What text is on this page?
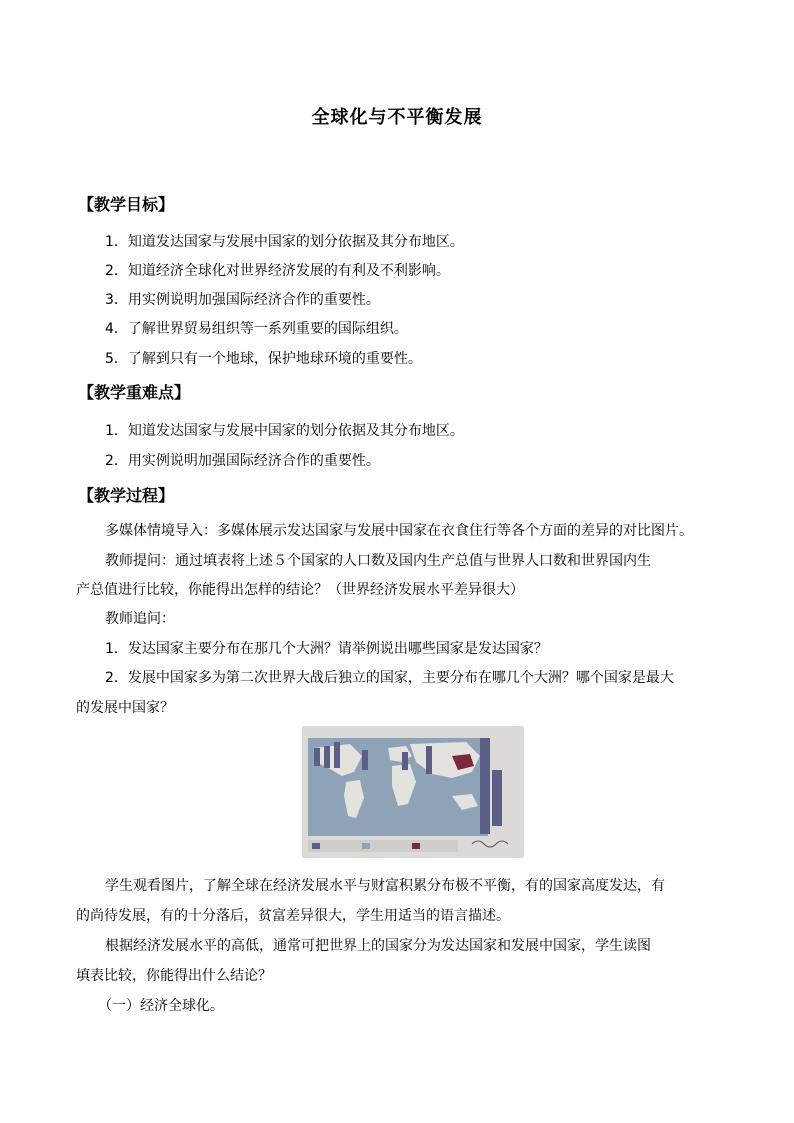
全球化与不平衡发展
【教学目标】
1．知道发达国家与发展中国家的划分依据及其分布地区。
2．知道经济全球化对世界经济发展的有利及不利影响。
3．用实例说明加强国际经济合作的重要性。
4．了解世界贸易组织等一系列重要的国际组织。
5．了解到只有一个地球，保护地球环境的重要性。
【教学重难点】
1．知道发达国家与发展中国家的划分依据及其分布地区。
2．用实例说明加强国际经济合作的重要性。
【教学过程】
多媒体情境导入：多媒体展示发达国家与发展中国家在衣食住行等各个方面的差异的对比图片。
教师提问：通过填表将上述５个国家的人口数及国内生产总值与世界人口数和世界国内生
产总值进行比较，你能得出怎样的结论？（世界经济发展水平差异很大）
教师追问：
1．发达国家主要分布在那几个大洲？请举例说出哪些国家是发达国家？
2．发展中国家多为第二次世界大战后独立的国家，主要分布在哪几个大洲？哪个国家是最大
的发展中国家？
学生观看图片，了解全球在经济发展水平与财富积累分布极不平衡，有的国家高度发达，有
的尚待发展，有的十分落后，贫富差异很大，学生用适当的语言描述。
根据经济发展水平的高低，通常可把世界上的国家分为发达国家和发展中国家，学生读图
填表比较，你能得出什么结论？
（一）经济全球化。
